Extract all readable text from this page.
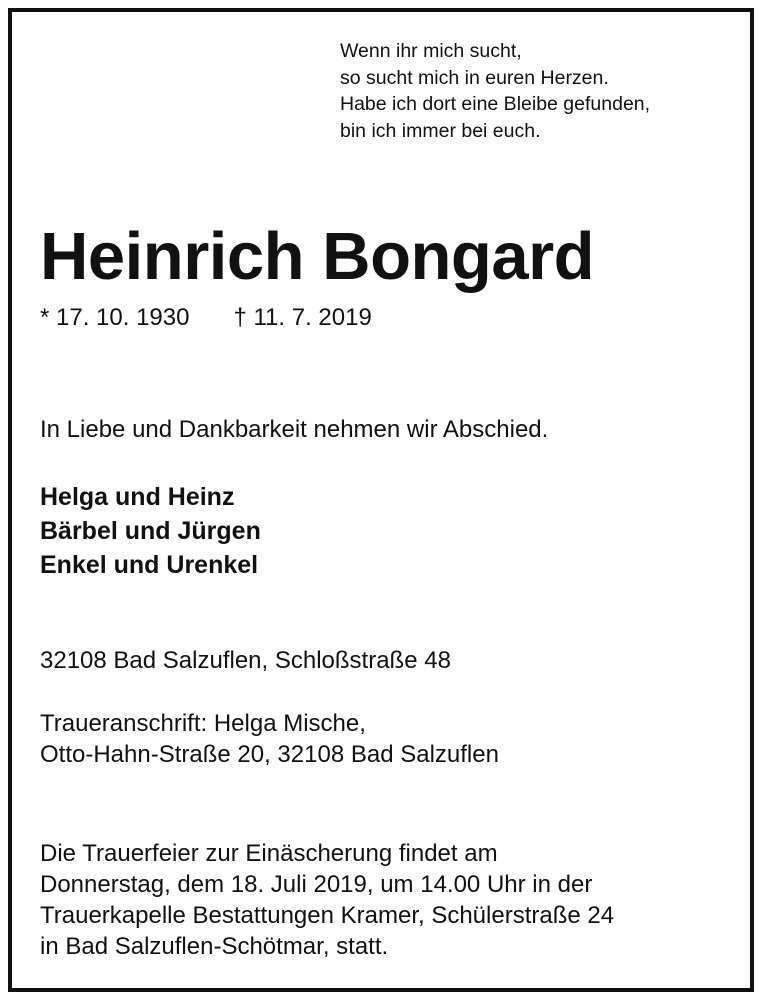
Wenn ihr mich sucht,
so sucht mich in euren Herzen.
Habe ich dort eine Bleibe gefunden,
bin ich immer bei euch.
Heinrich Bongard
* 17. 10. 1930 † 11. 7. 2019
In Liebe und Dankbarkeit nehmen wir Abschied.
Helga und Heinz
Bärbel und Jürgen
Enkel und Urenkel
32108 Bad Salzuflen, Schloßstraße 48
Traueranschrift: Helga Mische,
Otto-Hahn-Straße 20, 32108 Bad Salzuflen
Die Trauerfeier zur Einäscherung findet am
Donnerstag, dem 18. Juli 2019, um 14.00 Uhr in der
Trauerkapelle Bestattungen Kramer, Schülerstraße 24
in Bad Salzuflen-Schötmar, statt.
